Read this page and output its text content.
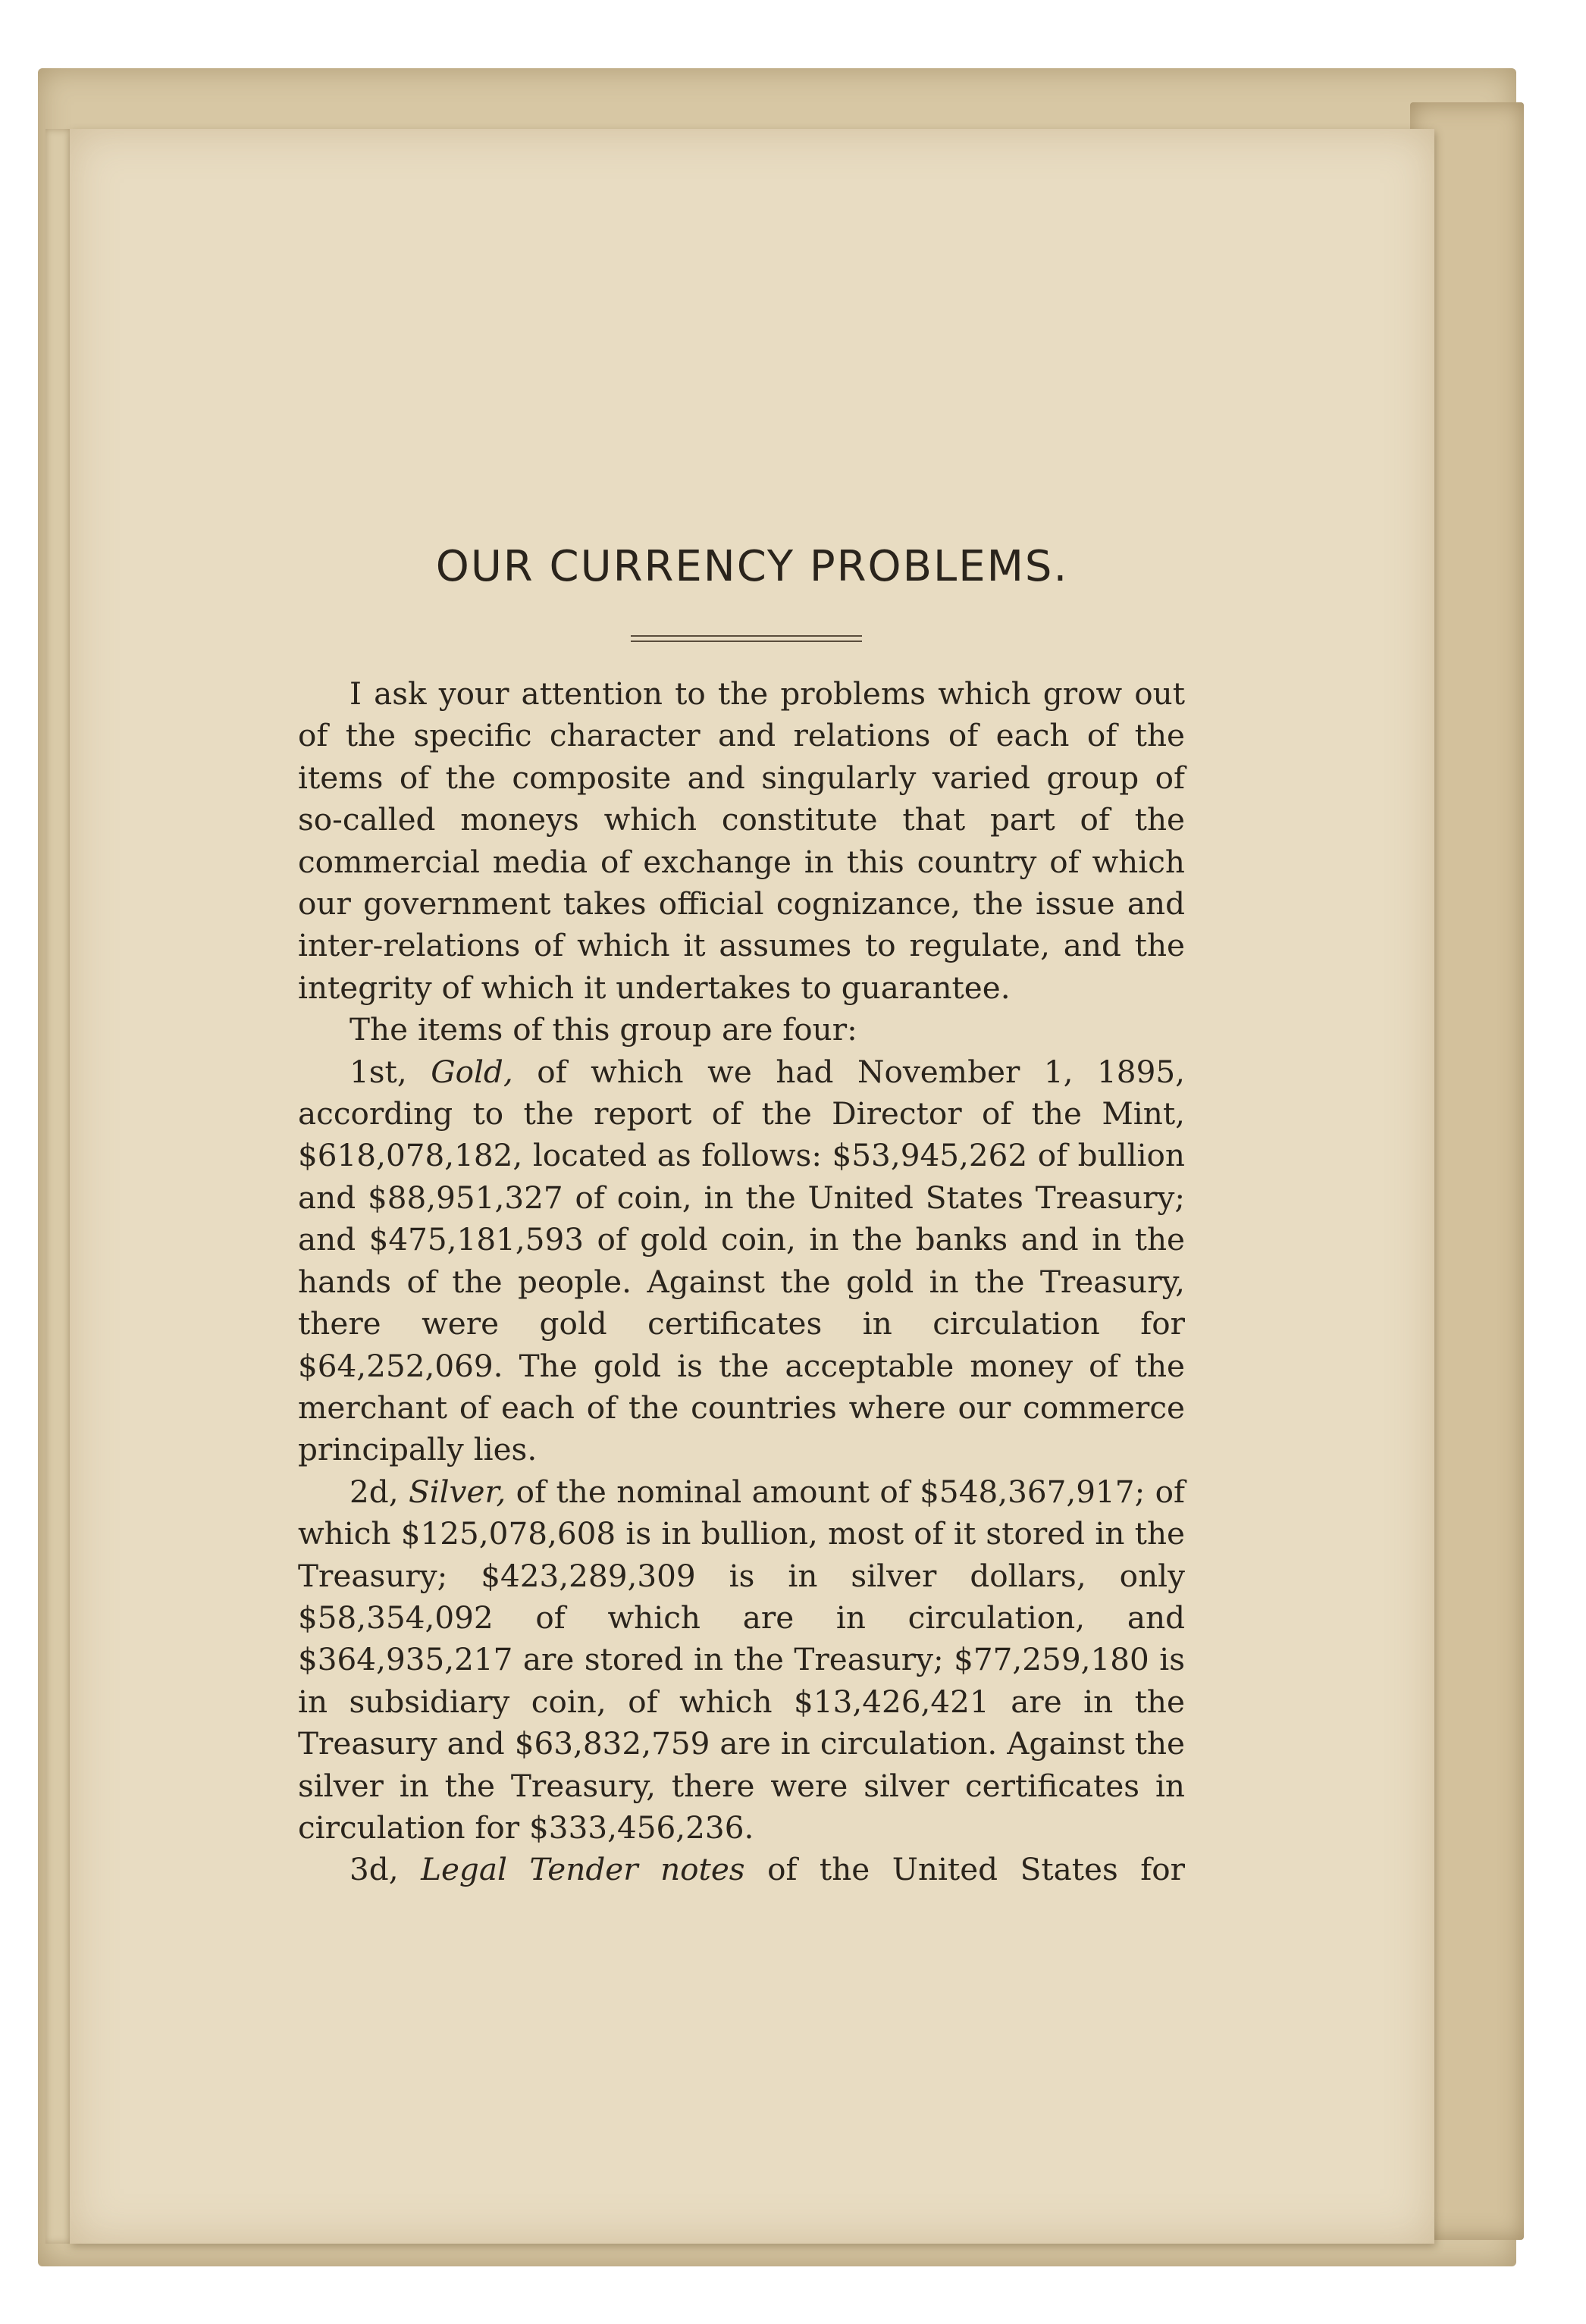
OUR CURRENCY PROBLEMS.

I ask your attention to the problems which grow out of the specific character and relations of each of the items of the composite and singularly varied group of so-called moneys which constitute that part of the commercial media of exchange in this country of which our government takes official cognizance, the issue and inter-relations of which it assumes to regulate, and the integrity of which it undertakes to guarantee.

The items of this group are four:

1st, Gold, of which we had November 1, 1895, according to the report of the Director of the Mint, $618,078,182, located as follows: $53,945,262 of bullion and $88,951,327 of coin, in the United States Treasury; and $475,181,593 of gold coin, in the banks and in the hands of the people. Against the gold in the Treasury, there were gold certificates in circulation for $64,252,069. The gold is the acceptable money of the merchant of each of the countries where our commerce principally lies.

2d, Silver, of the nominal amount of $548,367,917; of which $125,078,608 is in bullion, most of it stored in the Treasury; $423,289,309 is in silver dollars, only $58,354,092 of which are in circulation, and $364,935,217 are stored in the Treasury; $77,259,180 is in subsidiary coin, of which $13,426,421 are in the Treasury and $63,832,759 are in circulation. Against the silver in the Treasury, there were silver certificates in circulation for $333,456,236.

3d, Legal Tender notes of the United States for
